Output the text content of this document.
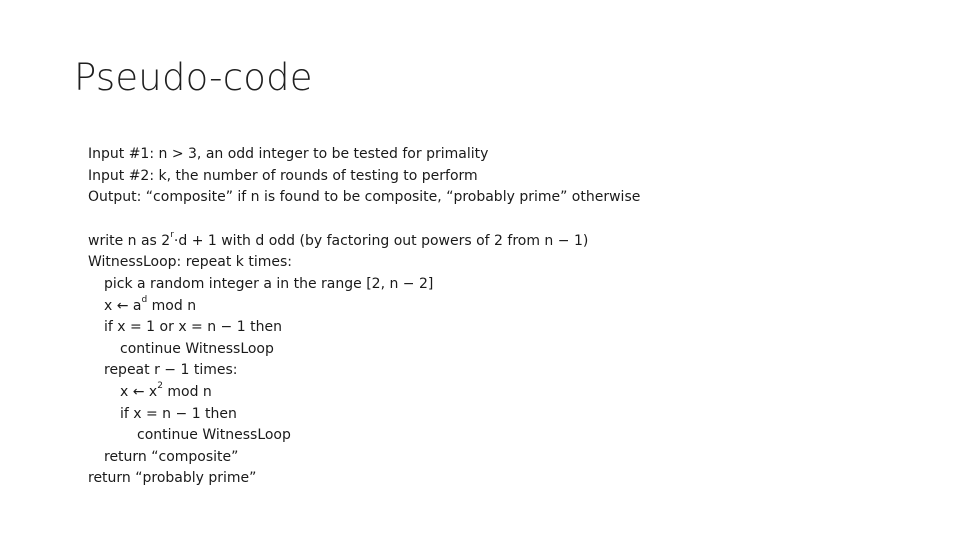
Pseudo-code
Input #1: n > 3, an odd integer to be tested for primality
Input #2: k, the number of rounds of testing to perform
Output: “composite” if n is found to be composite, “probably prime” otherwise
write n as $2^r\cdot d + 1$ with d odd (by factoring out powers of 2 from n − 1)
WitnessLoop: repeat k times:
pick a random integer a in the range [2, n − 2]
x ← $a^d$ mod n
if x = 1 or x = n − 1 then
continue WitnessLoop
repeat r − 1 times:
x ← $x^2$ mod n
if x = n − 1 then
continue WitnessLoop
return “composite”
return “probably prime”
